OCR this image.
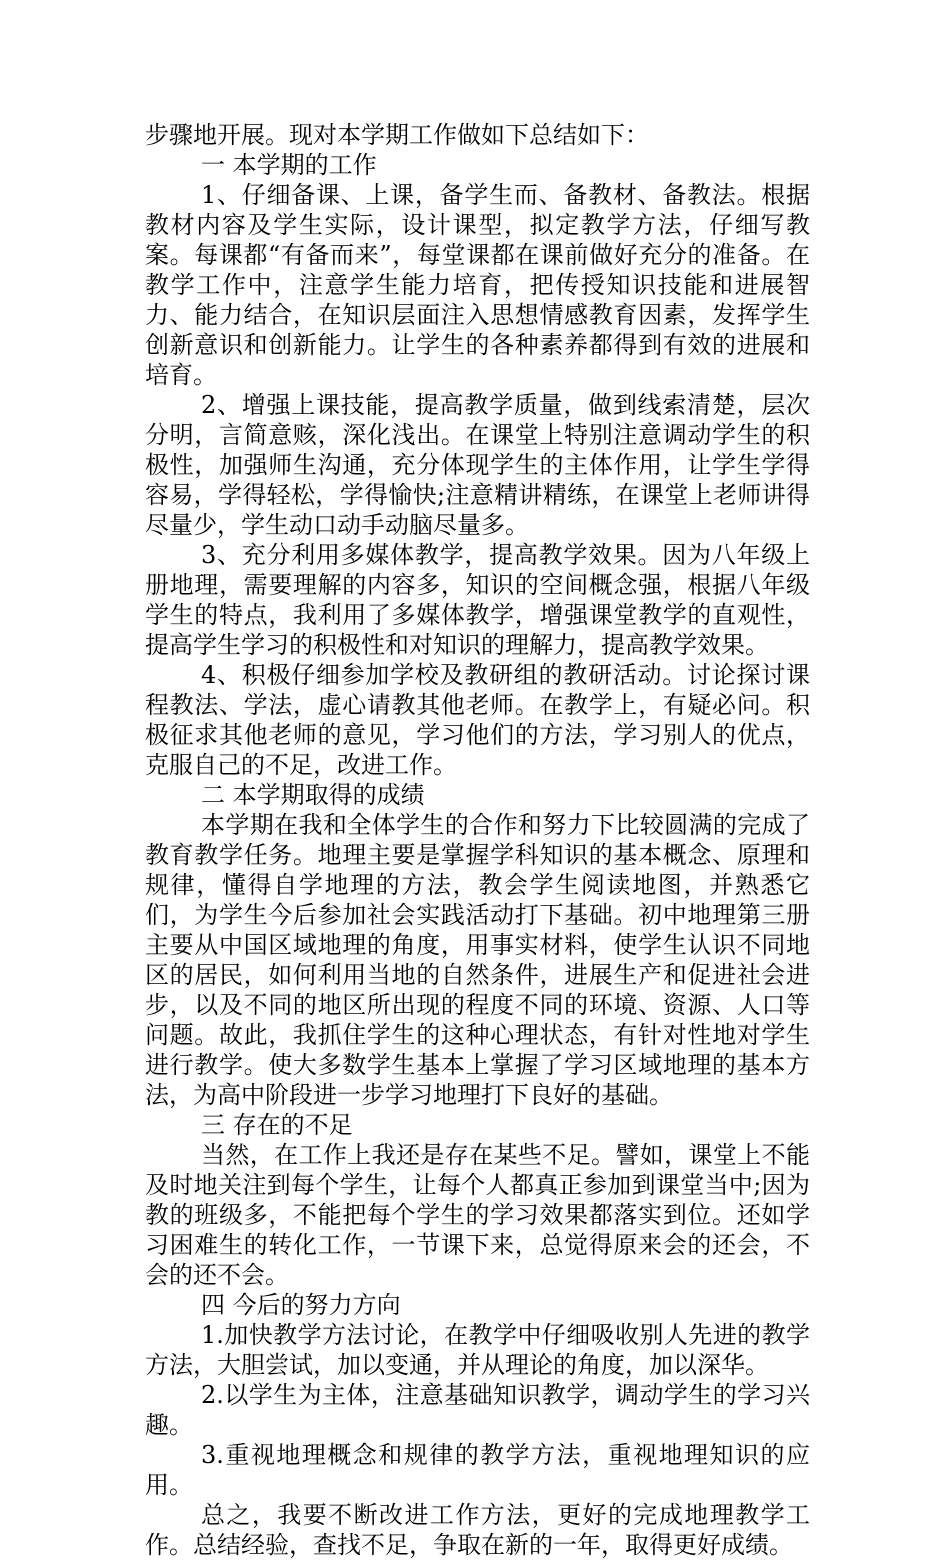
步骤地开展。现对本学期工作做如下总结如下：

一 本学期的工作

1、仔细备课、上课，备学生而、备教材、备教法。根据教材内容及学生实际，设计课型，拟定教学方法，仔细写教案。每课都“有备而来”，每堂课都在课前做好充分的准备。在教学工作中，注意学生能力培育，把传授知识技能和进展智力、能力结合，在知识层面注入思想情感教育因素，发挥学生创新意识和创新能力。让学生的各种素养都得到有效的进展和培育。

2、增强上课技能，提高教学质量，做到线索清楚，层次分明，言简意赅，深化浅出。在课堂上特别注意调动学生的积极性，加强师生沟通，充分体现学生的主体作用，让学生学得容易，学得轻松，学得愉快;注意精讲精练，在课堂上老师讲得尽量少，学生动口动手动脑尽量多。

3、充分利用多媒体教学，提高教学效果。因为八年级上册地理，需要理解的内容多，知识的空间概念强，根据八年级学生的特点，我利用了多媒体教学，增强课堂教学的直观性，提高学生学习的积极性和对知识的理解力，提高教学效果。

4、积极仔细参加学校及教研组的教研活动。讨论探讨课程教法、学法，虚心请教其他老师。在教学上，有疑必问。积极征求其他老师的意见，学习他们的方法，学习别人的优点，克服自己的不足，改进工作。

二 本学期取得的成绩

本学期在我和全体学生的合作和努力下比较圆满的完成了教育教学任务。地理主要是掌握学科知识的基本概念、原理和规律，懂得自学地理的方法，教会学生阅读地图，并熟悉它们，为学生今后参加社会实践活动打下基础。初中地理第三册主要从中国区域地理的角度，用事实材料，使学生认识不同地区的居民，如何利用当地的自然条件，进展生产和促进社会进步，以及不同的地区所出现的程度不同的环境、资源、人口等问题。故此，我抓住学生的这种心理状态，有针对性地对学生进行教学。使大多数学生基本上掌握了学习区域地理的基本方法，为高中阶段进一步学习地理打下良好的基础。

三 存在的不足

当然，在工作上我还是存在某些不足。譬如，课堂上不能及时地关注到每个学生，让每个人都真正参加到课堂当中;因为教的班级多，不能把每个学生的学习效果都落实到位。还如学习困难生的转化工作，一节课下来，总觉得原来会的还会，不会的还不会。

四 今后的努力方向

1.加快教学方法讨论，在教学中仔细吸收别人先进的教学方法，大胆尝试，加以变通，并从理论的角度，加以深华。

2.以学生为主体，注意基础知识教学，调动学生的学习兴趣。

3.重视地理概念和规律的教学方法，重视地理知识的应用。

总之，我要不断改进工作方法，更好的完成地理教学工作。总结经验，查找不足，争取在新的一年，取得更好成绩。
